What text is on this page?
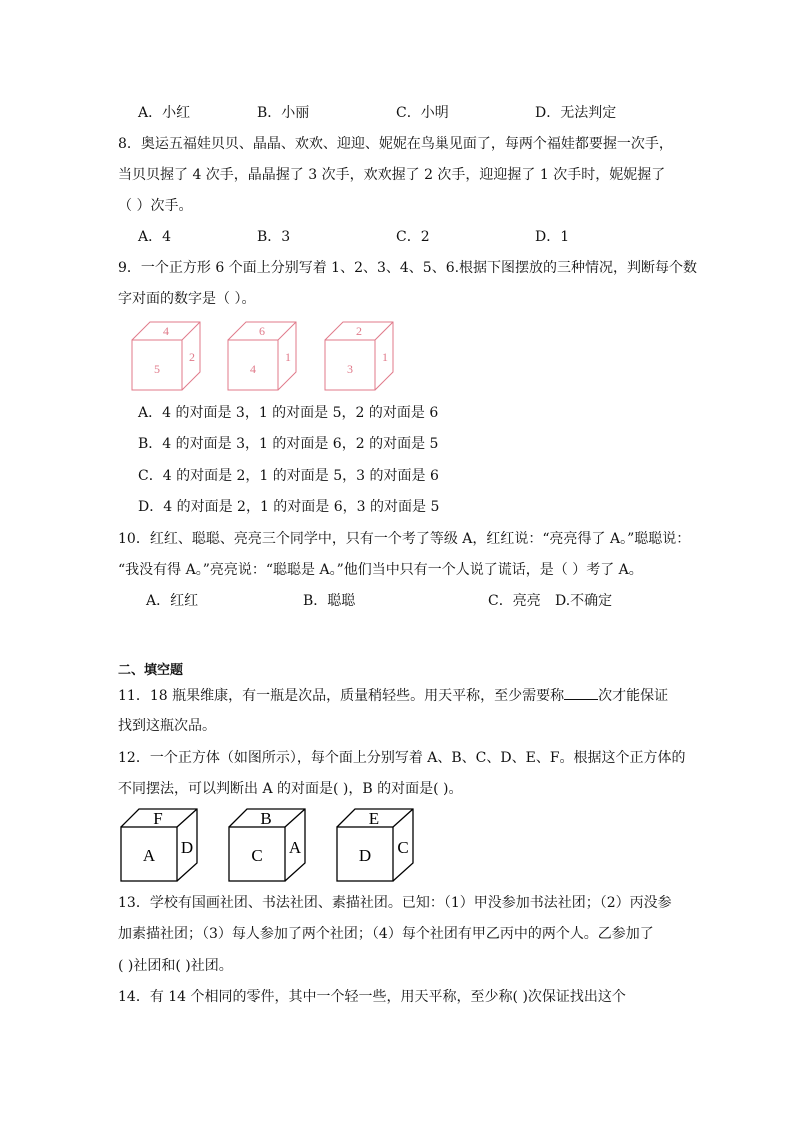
A．小红	B．小丽	C．小明	D．无法判定
8．奥运五福娃贝贝、晶晶、欢欢、迎迎、妮妮在鸟巢见面了，每两个福娃都要握一次手，
当贝贝握了 4 次手，晶晶握了 3 次手，欢欢握了 2 次手，迎迎握了 1 次手时，妮妮握了
（ ）次手。
A．4	B．3	C．2	D．1
9．一个正方形 6 个面上分别写着 1、2、3、4、5、6.根据下图摆放的三种情况，判断每个数
字对面的数字是（ ）。
4
5
2
6
4
1
2
3
1
A．4 的对面是 3，1 的对面是 5，2 的对面是 6
B．4 的对面是 3，1 的对面是 6，2 的对面是 5
C．4 的对面是 2，1 的对面是 5，3 的对面是 6
D．4 的对面是 2，1 的对面是 6，3 的对面是 5
10．红红、聪聪、亮亮三个同学中，只有一个考了等级 A，红红说：“亮亮得了 A。”聪聪说：
“我没有得 A。”亮亮说：“聪聪是 A。”他们当中只有一个人说了谎话，是（ ）考了 A。
A．红红	B．聪聪	C．亮亮 D.不确定
二、填空题
11．18 瓶果维康，有一瓶是次品，质量稍轻些。用天平称，至少需要称 次才能保证
找到这瓶次品。
12．一个正方体（如图所示），每个面上分别写着 A、B、C、D、E、F。根据这个正方体的
不同摆法，可以判断出 A 的对面是( )，B 的对面是( )。
F
A D
B
C A
E
D C
13．学校有国画社团、书法社团、素描社团。已知：（1）甲没参加书法社团；（2）丙没参
加素描社团；（3）每人参加了两个社团；（4）每个社团有甲乙丙中的两个人。乙参加了
( )社团和( )社团。
14．有 14 个相同的零件，其中一个轻一些，用天平称，至少称( )次保证找出这个
